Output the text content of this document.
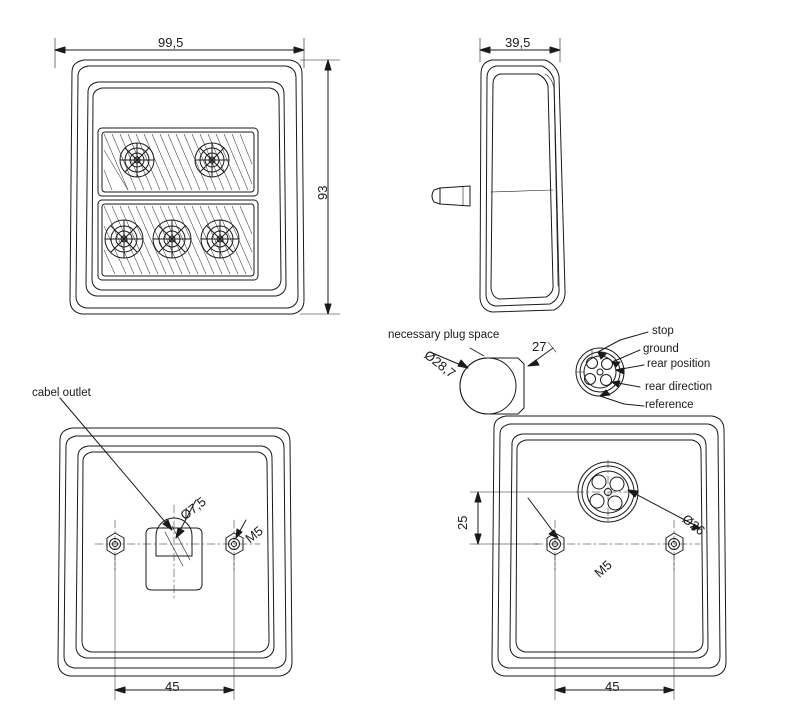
99,5
93
39,5
necessary plug space
Ø28,7
27
stop
ground
rear position
rear direction
reference
cabel outlet
Ø7,5
M5
45
25	Ø26
M5
45
